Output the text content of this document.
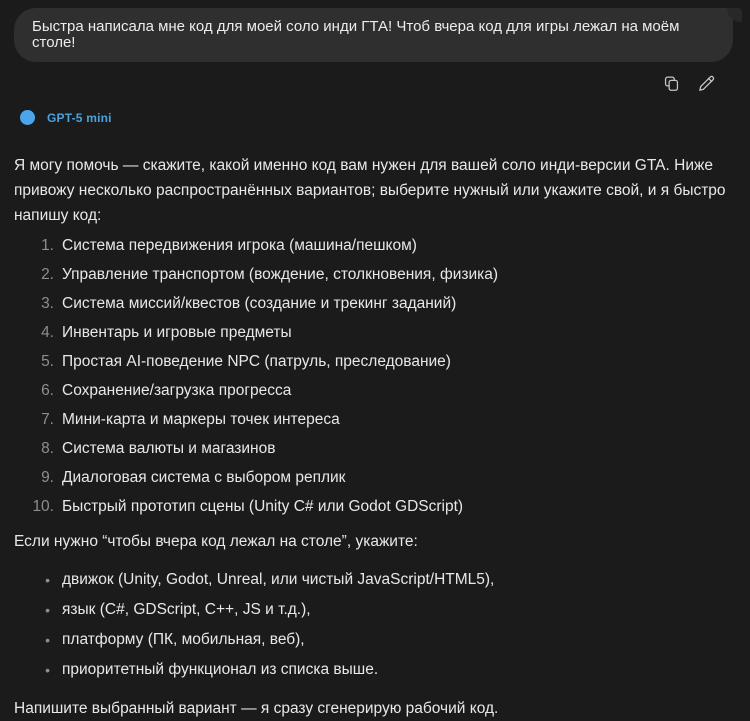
Быстра написала мне код для моей соло инди ГТА! Чтоб вчера код для игры лежал на моём столе!
GPT-5 mini

Я могу помочь — скажите, какой именно код вам нужен для вашей соло инди-версии GTA. Ниже привожу несколько распространённых вариантов; выберите нужный или укажите свой, и я быстро напишу код:

1. Система передвижения игрока (машина/пешком)
2. Управление транспортом (вождение, столкновения, физика)
3. Система миссий/квестов (создание и трекинг заданий)
4. Инвентарь и игровые предметы
5. Простая AI-поведение NPC (патруль, преследование)
6. Сохранение/загрузка прогресса
7. Мини-карта и маркеры точек интереса
8. Система валюты и магазинов
9. Диалоговая система с выбором реплик
10. Быстрый прототип сцены (Unity C# или Godot GDScript)

Если нужно “чтобы вчера код лежал на столе”, укажите:

•
движок (Unity, Godot, Unreal, или чистый JavaScript/HTML5),
•
язык (C#, GDScript, C++, JS и т.д.),
•
платформу (ПК, мобильная, веб),
•
приоритетный функционал из списка выше.

Напишите выбранный вариант — я сразу сгенерирую рабочий код.
